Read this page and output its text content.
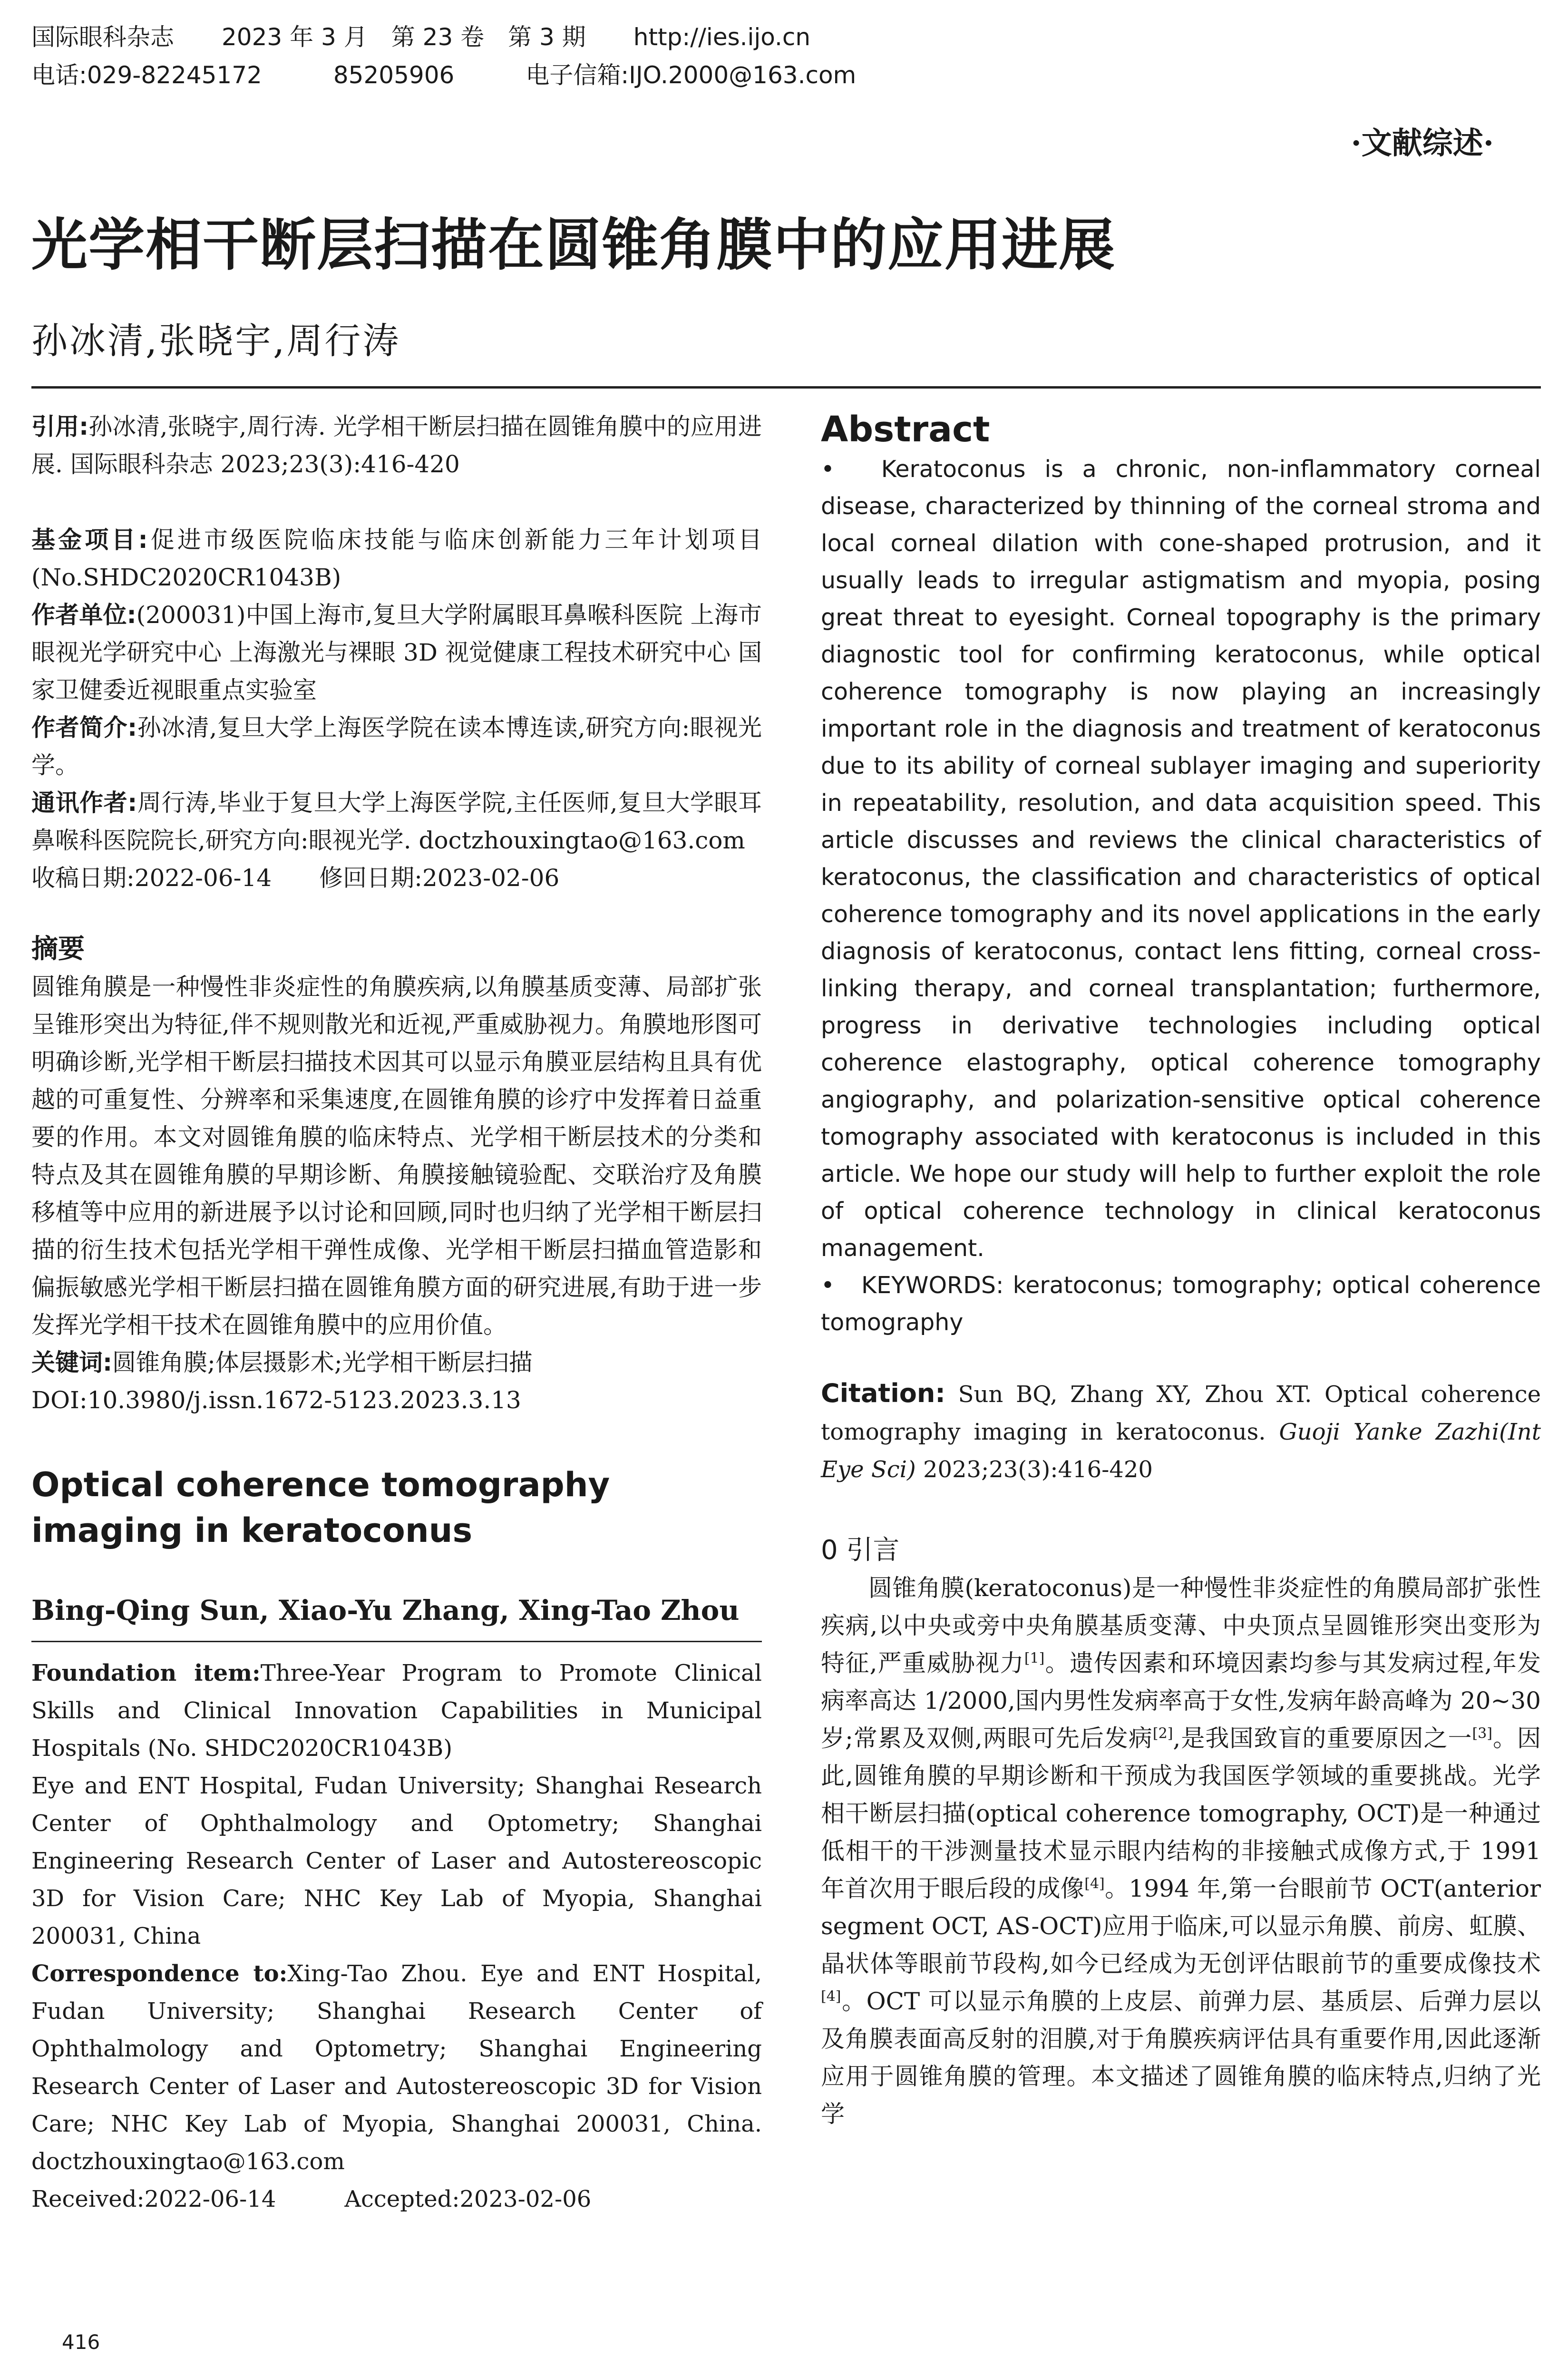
国际眼科杂志　　 2023 年 3 月　第 23 卷　第 3 期　　 http://ies.ijo.cn
电话:029-82245172　　　	85205906　　　	电子信箱:IJO.2000@163.com
·文献综述·
光学相干断层扫描在圆锥角膜中的应用进展
孙冰清,张晓宇,周行涛

引用:孙冰清,张晓宇,周行涛. 光学相干断层扫描在圆锥角膜中的应用进展. 国际眼科杂志 2023;23(3):416-420

基金项目:促进市级医院临床技能与临床创新能力三年计划项目(No.SHDC2020CR1043B)

作者单位:(200031)中国上海市,复旦大学附属眼耳鼻喉科医院 上海市眼视光学研究中心 上海激光与裸眼 3D 视觉健康工程技术研究中心 国家卫健委近视眼重点实验室

作者简介:孙冰清,复旦大学上海医学院在读本博连读,研究方向:眼视光学。

通讯作者:周行涛,毕业于复旦大学上海医学院,主任医师,复旦大学眼耳鼻喉科医院院长,研究方向:眼视光学. doctzhouxingtao@163.com

收稿日期:2022-06-14　　修回日期:2023-02-06

摘要

圆锥角膜是一种慢性非炎症性的角膜疾病,以角膜基质变薄、局部扩张呈锥形突出为特征,伴不规则散光和近视,严重威胁视力。角膜地形图可明确诊断,光学相干断层扫描技术因其可以显示角膜亚层结构且具有优越的可重复性、分辨率和采集速度,在圆锥角膜的诊疗中发挥着日益重要的作用。本文对圆锥角膜的临床特点、光学相干断层技术的分类和特点及其在圆锥角膜的早期诊断、角膜接触镜验配、交联治疗及角膜移植等中应用的新进展予以讨论和回顾,同时也归纳了光学相干断层扫描的衍生技术包括光学相干弹性成像、光学相干断层扫描血管造影和偏振敏感光学相干断层扫描在圆锥角膜方面的研究进展,有助于进一步发挥光学相干技术在圆锥角膜中的应用价值。

关键词:圆锥角膜;体层摄影术;光学相干断层扫描

DOI:10.3980/j.issn.1672-5123.2023.3.13

Optical coherence tomography imaging in keratoconus

Bing-Qing Sun, Xiao-Yu Zhang, Xing-Tao Zhou

Foundation item:Three-Year Program to Promote Clinical Skills and Clinical Innovation Capabilities in Municipal Hospitals (No. SHDC2020CR1043B)

Eye and ENT Hospital, Fudan University; Shanghai Research Center of Ophthalmology and Optometry; Shanghai Engineering Research Center of Laser and Autostereoscopic 3D for Vision Care; NHC Key Lab of Myopia, Shanghai 200031, China

Correspondence to:Xing-Tao Zhou. Eye and ENT Hospital, Fudan University; Shanghai Research Center of Ophthalmology and Optometry; Shanghai Engineering Research Center of Laser and Autostereoscopic 3D for Vision Care; NHC Key Lab of Myopia, Shanghai 200031, China. doctzhouxingtao@163.com

Received:2022-06-14　　　Accepted:2023-02-06

Abstract

•　Keratoconus is a chronic, non-inflammatory corneal disease, characterized by thinning of the corneal stroma and local corneal dilation with cone-shaped protrusion, and it usually leads to irregular astigmatism and myopia, posing great threat to eyesight. Corneal topography is the primary diagnostic tool for confirming keratoconus, while optical coherence tomography is now playing an increasingly important role in the diagnosis and treatment of keratoconus due to its ability of corneal sublayer imaging and superiority in repeatability, resolution, and data acquisition speed. This article discusses and reviews the clinical characteristics of keratoconus, the classification and characteristics of optical coherence tomography and its novel applications in the early diagnosis of keratoconus, contact lens fitting, corneal cross-linking therapy, and corneal transplantation; furthermore, progress in derivative technologies including optical coherence elastography, optical coherence tomography angiography, and polarization-sensitive optical coherence tomography associated with keratoconus is included in this article. We hope our study will help to further exploit the role of optical coherence technology in clinical keratoconus management.

•　KEYWORDS: keratoconus; tomography; optical coherence tomography

Citation: Sun BQ, Zhang XY, Zhou XT. Optical coherence tomography imaging in keratoconus. Guoji Yanke Zazhi(Int Eye Sci) 2023;23(3):416-420

0 引言

圆锥角膜(keratoconus)是一种慢性非炎症性的角膜局部扩张性疾病,以中央或旁中央角膜基质变薄、中央顶点呈圆锥形突出变形为特征,严重威胁视力[1]。遗传因素和环境因素均参与其发病过程,年发病率高达 1/2000,国内男性发病率高于女性,发病年龄高峰为 20~30 岁;常累及双侧,两眼可先后发病[2],是我国致盲的重要原因之一[3]。因此,圆锥角膜的早期诊断和干预成为我国医学领域的重要挑战。光学相干断层扫描(optical coherence tomography, OCT)是一种通过低相干的干涉测量技术显示眼内结构的非接触式成像方式,于 1991 年首次用于眼后段的成像[4]。1994 年,第一台眼前节 OCT(anterior segment OCT, AS-OCT)应用于临床,可以显示角膜、前房、虹膜、晶状体等眼前节段构,如今已经成为无创评估眼前节的重要成像技术[4]。OCT 可以显示角膜的上皮层、前弹力层、基质层、后弹力层以及角膜表面高反射的泪膜,对于角膜疾病评估具有重要作用,因此逐渐应用于圆锥角膜的管理。本文描述了圆锥角膜的临床特点,归纳了光学

416
